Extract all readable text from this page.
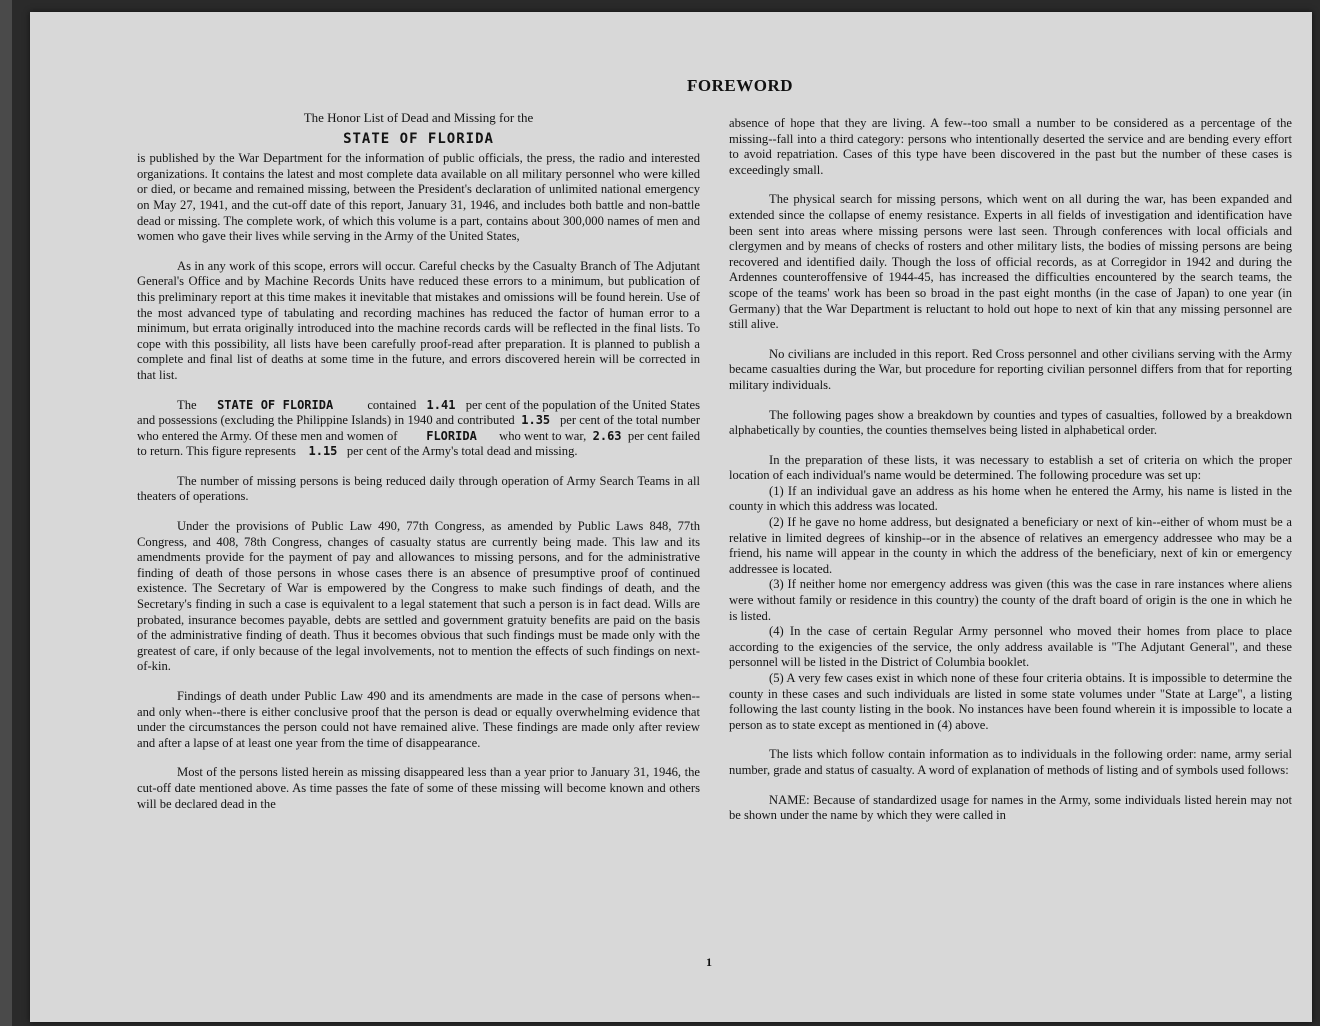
FOREWORD
The Honor List of Dead and Missing for the
STATE OF FLORIDA

is published by the War Department for the information of public officials, the press, the radio and interested organizations. It contains the latest and most complete data available on all military personnel who were killed or died, or became and remained missing, between the President's declaration of unlimited national emergency on May 27, 1941, and the cut-off date of this report, January 31, 1946, and includes both battle and non-battle dead or missing. The complete work, of which this volume is a part, contains about 300,000 names of men and women who gave their lives while serving in the Army of the United States,

As in any work of this scope, errors will occur. Careful checks by the Casualty Branch of The Adjutant General's Office and by Machine Records Units have reduced these errors to a minimum, but publication of this preliminary report at this time makes it inevitable that mistakes and omissions will be found herein. Use of the most advanced type of tabulating and recording machines has reduced the factor of human error to a minimum, but errata originally introduced into the machine records cards will be reflected in the final lists. To cope with this possibility, all lists have been carefully proof-read after preparation. It is planned to publish a complete and final list of deaths at some time in the future, and errors discovered herein will be corrected in that list.

The STATE OF FLORIDA	contained 1.41 per cent of the population of the United States and possessions (excluding the Philippine Islands) in 1940 and contributed 1.35 per cent of the total number who entered the Army. Of these men and women of FLORIDA who went to war, 2.63 per cent failed to return. This figure represents 1.15 per cent of the Army's total dead and missing.

The number of missing persons is being reduced daily through operation of Army Search Teams in all theaters of operations.

Under the provisions of Public Law 490, 77th Congress, as amended by Public Laws 848, 77th Congress, and 408, 78th Congress, changes of casualty status are currently being made. This law and its amendments provide for the payment of pay and allowances to missing persons, and for the administrative finding of death of those persons in whose cases there is an absence of presumptive proof of continued existence. The Secretary of War is empowered by the Congress to make such findings of death, and the Secretary's finding in such a case is equivalent to a legal statement that such a person is in fact dead. Wills are probated, insurance becomes payable, debts are settled and government gratuity benefits are paid on the basis of the administrative finding of death. Thus it becomes obvious that such findings must be made only with the greatest of care, if only because of the legal involvements, not to mention the effects of such findings on next-of-kin.

Findings of death under Public Law 490 and its amendments are made in the case of persons when--and only when--there is either conclusive proof that the person is dead or equally overwhelming evidence that under the circumstances the person could not have remained alive. These findings are made only after review and after a lapse of at least one year from the time of disappearance.

Most of the persons listed herein as missing disappeared less than a year prior to January 31, 1946, the cut-off date mentioned above. As time passes the fate of some of these missing will become known and others will be declared dead in the

absence of hope that they are living. A few--too small a number to be considered as a percentage of the missing--fall into a third category: persons who intentionally deserted the service and are bending every effort to avoid repatriation. Cases of this type have been discovered in the past but the number of these cases is exceedingly small.

The physical search for missing persons, which went on all during the war, has been expanded and extended since the collapse of enemy resistance. Experts in all fields of investigation and identification have been sent into areas where missing persons were last seen. Through conferences with local officials and clergymen and by means of checks of rosters and other military lists, the bodies of missing persons are being recovered and identified daily. Though the loss of official records, as at Corregidor in 1942 and during the Ardennes counteroffensive of 1944-45, has increased the difficulties encountered by the search teams, the scope of the teams' work has been so broad in the past eight months (in the case of Japan) to one year (in Germany) that the War Department is reluctant to hold out hope to next of kin that any missing personnel are still alive.

No civilians are included in this report. Red Cross personnel and other civilians serving with the Army became casualties during the War, but procedure for reporting civilian personnel differs from that for reporting military individuals.

The following pages show a breakdown by counties and types of casualties, followed by a breakdown alphabetically by counties, the counties themselves being listed in alphabetical order.

In the preparation of these lists, it was necessary to establish a set of criteria on which the proper location of each individual's name would be determined. The following procedure was set up:

(1) If an individual gave an address as his home when he entered the Army, his name is listed in the county in which this address was located.

(2) If he gave no home address, but designated a beneficiary or next of kin--either of whom must be a relative in limited degrees of kinship--or in the absence of relatives an emergency addressee who may be a friend, his name will appear in the county in which the address of the beneficiary, next of kin or emergency addressee is located.

(3) If neither home nor emergency address was given (this was the case in rare instances where aliens were without family or residence in this country) the county of the draft board of origin is the one in which he is listed.

(4) In the case of certain Regular Army personnel who moved their homes from place to place according to the exigencies of the service, the only address available is "The Adjutant General", and these personnel will be listed in the District of Columbia booklet.

(5) A very few cases exist in which none of these four criteria obtains. It is impossible to determine the county in these cases and such individuals are listed in some state volumes under "State at Large", a listing following the last county listing in the book. No instances have been found wherein it is impossible to locate a person as to state except as mentioned in (4) above.

The lists which follow contain information as to individuals in the following order: name, army serial number, grade and status of casualty. A word of explanation of methods of listing and of symbols used follows:

NAME: Because of standardized usage for names in the Army, some individuals listed herein may not be shown under the name by which they were called in

1
